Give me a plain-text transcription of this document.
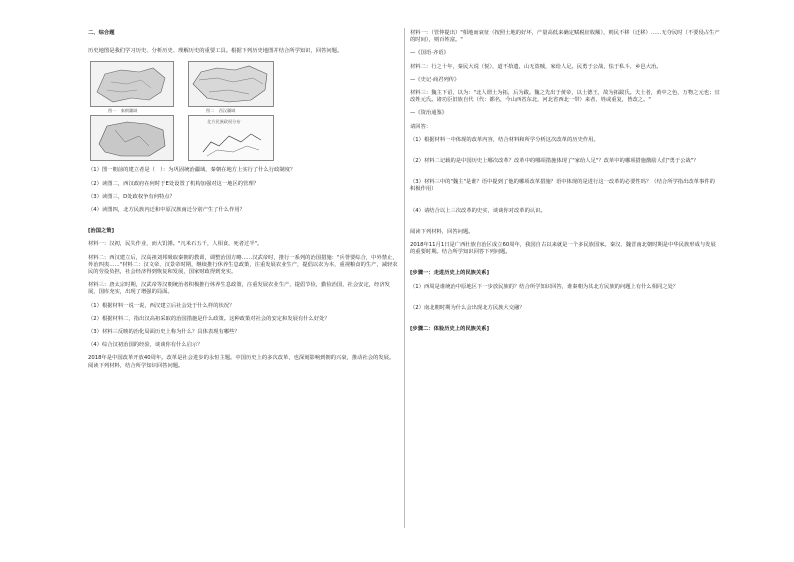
二、综合题

历史地图是我们学习历史、分析历史、理解历史的重要工具。根据下列历史地图并结合所学知识，回答问题。

图一　秦朝疆域	图二　西汉疆域
北方民族政权分布

（1）图一朝前的建立者是（　）：为巩固统治疆域，秦朝在地方上实行了什么行政制度？

（2）读图二，西汉政府在何时于E处设置了机构加强对这一地区的管理？

（3）读图三，D处政权争有何特点？

（4）读图四，北方民族内迁和中原汉族南迁分别产生了什么作用？

[治国之策]

材料一：汉初，民失作业，而大饥馑。"凡米石五千，人相食，死者过半"。

材料二：西汉建立后，汉高祖刘邦吸取秦朝的教训，调整治国方略……汉武帝时，推行一系列的治国措施："兵誉要综合，中外禁止，外治四夷……"材料二：汉文帝、汉景帝时期，继续推行休养生息政策，注重发展农业生产，提倡以农为本，重视粮食的生产，减轻农民的劳役负担，社会经济得到恢复和发展，国家财政得到充实。

材料三：唐太宗时期，汉武帝等汉朝统治者积极推行休养生息政策，注重发展农业生产，提倡节俭，勤俭治国，社会安定，经济发展，国库充实，出现了增强的局面。

（1）根据材料一说一说，西汉建立后社会处于什么样的状况？

（2）根据材料二，指出汉高祖采取的治国措施是什么政策。这种政策对社会的安定和发展有什么好处？

（3）材料三反映的治化局面历史上称为什么？具体表现有哪些？

（4）综合汉初治国的经验，谈谈你有什么启示？

2018年是中国改革开放40周年。改革是社会进步的永恒主题。中国历史上的多次改革，也深刻影响到朝的兴衰，推动社会的发展。阅读下列材料，结合所学知识回答问题。

材料一：（管仲提出）"相地而衰征（按照土地的好坏，产量高低来确定赋税征收额），则民不移（迁移）……无夺民时（不要侵占生产的时间），则百姓富。"

—《国语·齐语》

材料二：行之十年，秦民大说（悦），道不拾遗，山无盗贼，家给人足。民勇于公战，怯于私斗，乡邑大治。

—《史记·商君列传》

材料三：魏主下诏，以为："北人谓土为拓，后为跋。魏之先出于黄帝，以土德王，故为拓跋氏。夫土者，黄中之色，万物之元也；宜改姓元氏。诸功臣旧族自代（代：都名，今山西省东北，河北省西北一带）来者，姓或重复，皆改之。"

—《资治通鉴》

请回答：

（1）根据材料一中体现的改革内容，结合材料和所学分析这次改革的历史作用。

（2）材料二记载的是中国历史上哪次改革？改革中的哪项措施体现了"家给人足"？改革中的哪项措施激励人们"勇于公战"？

（3）材料三中的"魏主"是谁？语中提到了他的哪项改革措施？语中体现的是进行这一改革的必要性吗？（结合所学指出改革事件的积极作用）

（4）请结合以上三次改革的史实，谈谈你对改革的认识。

阅读下列材料，回答问题。

2018年11月1日是广西壮族自治区成立60周年，我国自古以来就是一个多民族国家。秦汉、魏晋南北朝时期是中华民族形成与发展的重要时期。结合所学知识回答下列问题。

[步骤一：走进历史上的民族关系]

（1）西周是谁统治中原地区下一步放民族的？结合所学知识回答，谁秦朝为其北方民族的问题上有什么相同之处？

（2）南北朝时期为什么会出现北方民族大交融？

[步骤二：体验历史上的民族关系]
